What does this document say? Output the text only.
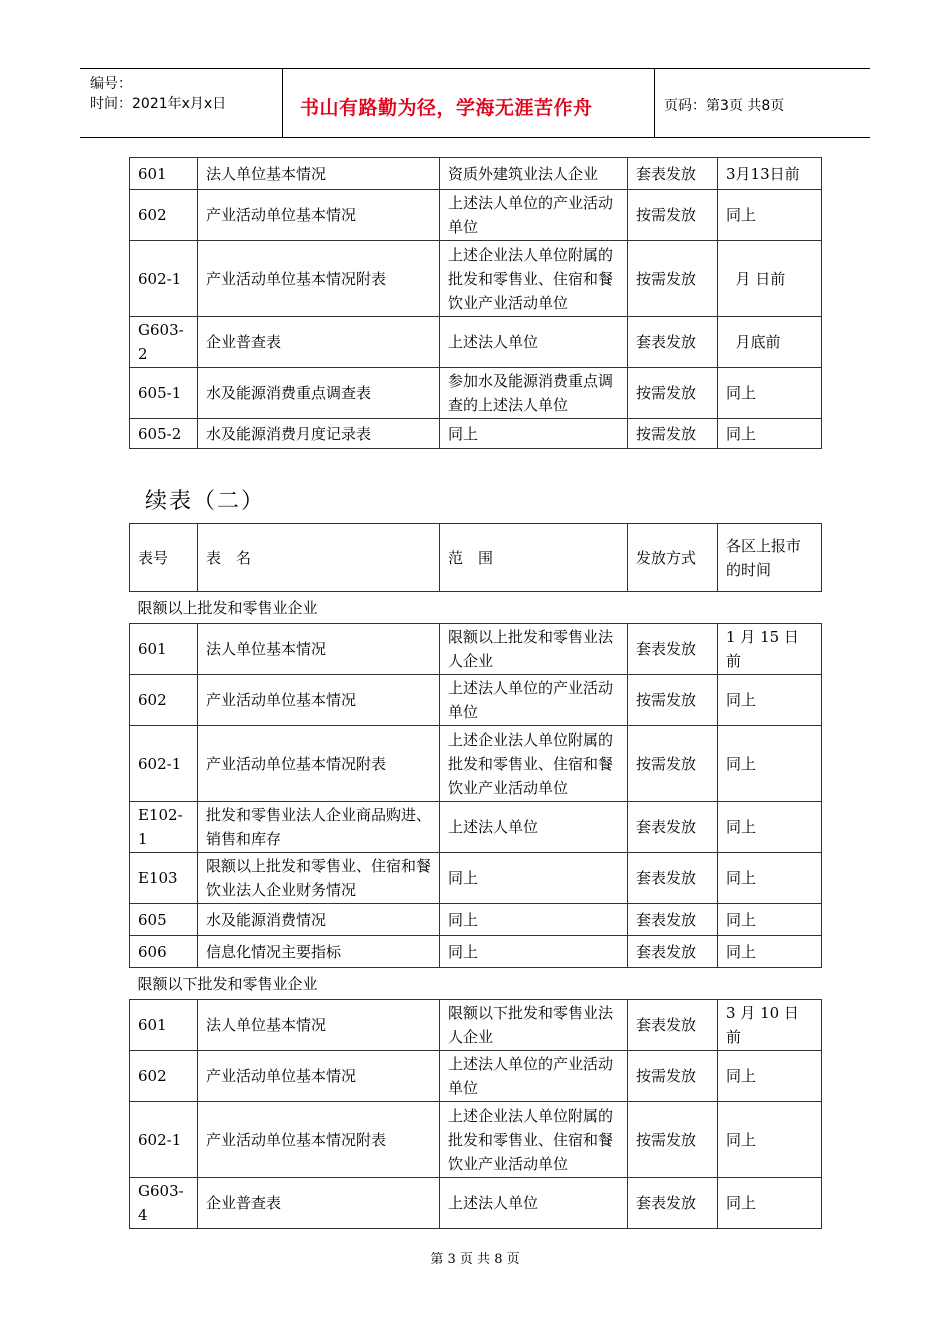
编号：
时间：2021年x月x日	书山有路勤为径，学海无涯苦作舟	页码：第3页 共8页
601	法人单位基本情况	资质外建筑业法人企业	套表发放	3月13日前
602	产业活动单位基本情况	上述法人单位的产业活动单位	按需发放	同上
602-1	产业活动单位基本情况附表	上述企业法人单位附属的批发和零售业、住宿和餐饮业产业活动单位	按需发放	月 日前
G603-2	企业普查表	上述法人单位	套表发放	月底前
605-1	水及能源消费重点调查表	参加水及能源消费重点调查的上述法人单位	按需发放	同上
605-2	水及能源消费月度记录表	同上	按需发放	同上
续表（二）
表号	表　名	范　围	发放方式	各区上报市的时间
限额以上批发和零售业企业				
601	法人单位基本情况	限额以上批发和零售业法人企业	套表发放	1 月 15 日前
602	产业活动单位基本情况	上述法人单位的产业活动单位	按需发放	同上
602-1	产业活动单位基本情况附表	上述企业法人单位附属的批发和零售业、住宿和餐饮业产业活动单位	按需发放	同上
E102-1	批发和零售业法人企业商品购进、销售和库存	上述法人单位	套表发放	同上
E103	限额以上批发和零售业、住宿和餐饮业法人企业财务情况	同上	套表发放	同上
605	水及能源消费情况	同上	套表发放	同上
606	信息化情况主要指标	同上	套表发放	同上
限额以下批发和零售业企业				
601	法人单位基本情况	限额以下批发和零售业法人企业	套表发放	3 月 10 日前
602	产业活动单位基本情况	上述法人单位的产业活动单位	按需发放	同上
602-1	产业活动单位基本情况附表	上述企业法人单位附属的批发和零售业、住宿和餐饮业产业活动单位	按需发放	同上
G603-4	企业普查表	上述法人单位	套表发放	同上
第 3 页 共 8 页
